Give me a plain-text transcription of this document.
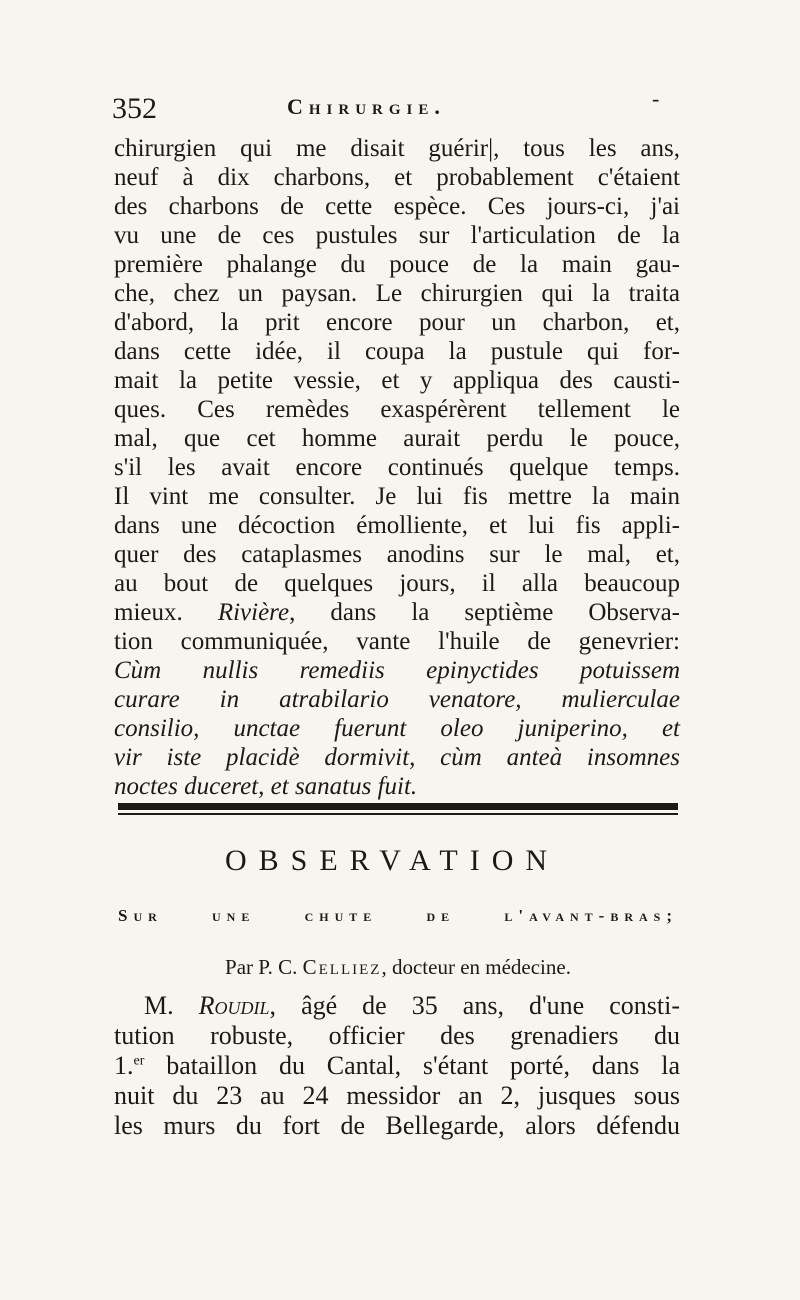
352	Chirurgie.	-
chirurgien qui me disait guérir|, tous les ans,
neuf à dix charbons, et probablement c'étaient
des charbons de cette espèce. Ces jours-ci, j'ai
vu une de ces pustules sur l'articulation de la
première phalange du pouce de la main gau-
che, chez un paysan. Le chirurgien qui la traita
d'abord, la prit encore pour un charbon, et,
dans cette idée, il coupa la pustule qui for-
mait la petite vessie, et y appliqua des causti-
ques. Ces remèdes exaspérèrent tellement le
mal, que cet homme aurait perdu le pouce,
s'il les avait encore continués quelque temps.
Il vint me consulter. Je lui fis mettre la main
dans une décoction émolliente, et lui fis appli-
quer des cataplasmes anodins sur le mal, et,
au bout de quelques jours, il alla beaucoup
mieux. Rivière, dans la septième Observa-
tion communiquée, vante l'huile de genevrier:
Cùm nullis remediis epinyctides potuissem
curare in atrabilario venatore, mulierculae
consilio, unctae fuerunt oleo juniperino, et
vir iste placidè dormivit, cùm anteà insomnes
noctes duceret, et sanatus fuit.
OBSERVATION
Sur une chute de l'avant-bras;
Par P. C. Celliez, docteur en médecine.
M. Roudil, âgé de 35 ans, d'une consti-
tution robuste, officier des grenadiers du
1.$^{er}$ bataillon du Cantal, s'étant porté, dans la
nuit du 23 au 24 messidor an 2, jusques sous
les murs du fort de Bellegarde, alors défendu
